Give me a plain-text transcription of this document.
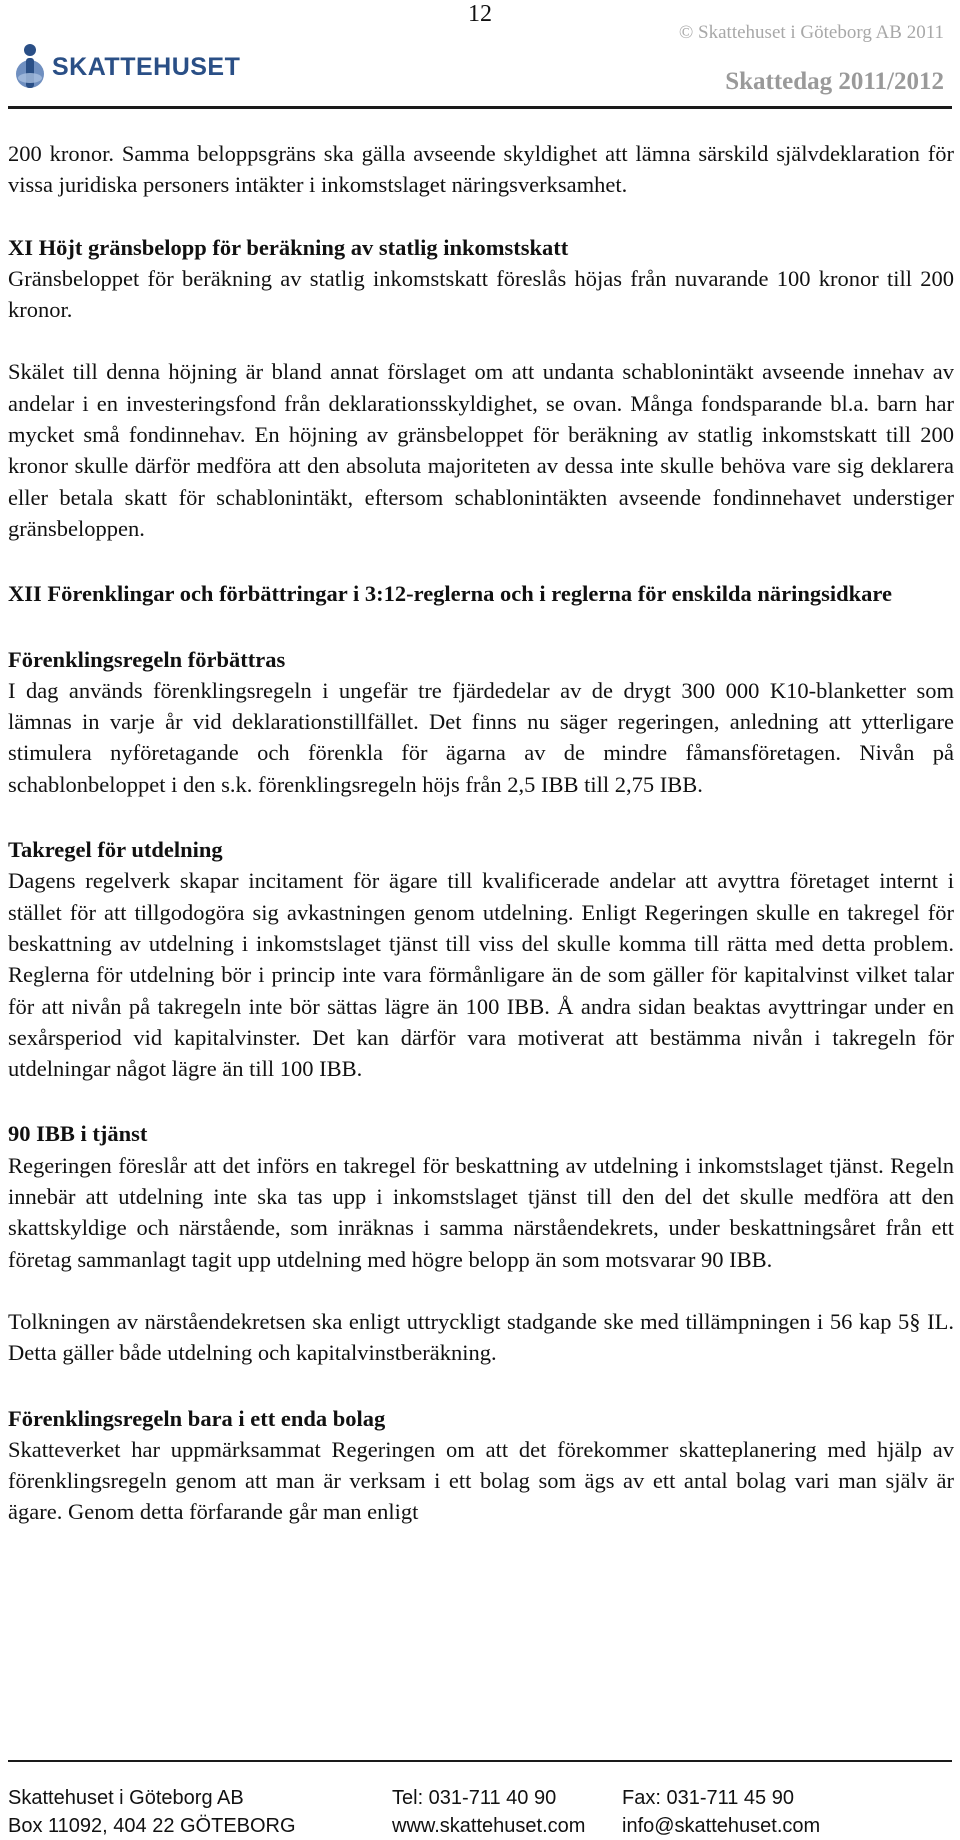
12
SKATTEHUSET
© Skattehuset i Göteborg AB 2011
Skattedag 2011/2012

200 kronor. Samma beloppsgräns ska gälla avseende skyldighet att lämna särskild självdeklaration för vissa juridiska personers intäkter i inkomstslaget näringsverksamhet.

XI Höjt gränsbelopp för beräkning av statlig inkomstskatt

Gränsbeloppet för beräkning av statlig inkomstskatt föreslås höjas från nuvarande 100 kronor till 200 kronor.

Skälet till denna höjning är bland annat förslaget om att undanta schablonintäkt avseende innehav av andelar i en investeringsfond från deklarationsskyldighet, se ovan. Många fondsparande bl.a. barn har mycket små fondinnehav. En höjning av gränsbeloppet för beräkning av statlig inkomstskatt till 200 kronor skulle därför medföra att den absoluta majoriteten av dessa inte skulle behöva vare sig deklarera eller betala skatt för schablonintäkt, eftersom schablonintäkten avseende fondinnehavet understiger gränsbeloppen.

XII Förenklingar och förbättringar i 3:12-reglerna och i reglerna för enskilda näringsidkare
Förenklingsregeln förbättras

I dag används förenklingsregeln i ungefär tre fjärdedelar av de drygt 300 000 K10-blanketter som lämnas in varje år vid deklarationstillfället. Det finns nu säger regeringen, anledning att ytterligare stimulera nyföretagande och förenkla för ägarna av de mindre fåmansföretagen. Nivån på schablonbeloppet i den s.k. förenklingsregeln höjs från 2,5 IBB till 2,75 IBB.

Takregel för utdelning

Dagens regelverk skapar incitament för ägare till kvalificerade andelar att avyttra företaget internt i stället för att tillgodogöra sig avkastningen genom utdelning. Enligt Regeringen skulle en takregel för beskattning av utdelning i inkomstslaget tjänst till viss del skulle komma till rätta med detta problem. Reglerna för utdelning bör i princip inte vara förmånligare än de som gäller för kapitalvinst vilket talar för att nivån på takregeln inte bör sättas lägre än 100 IBB. Å andra sidan beaktas avyttringar under en sexårsperiod vid kapitalvinster. Det kan därför vara motiverat att bestämma nivån i takregeln för utdelningar något lägre än till 100 IBB.

90 IBB i tjänst

Regeringen föreslår att det införs en takregel för beskattning av utdelning i inkomstslaget tjänst. Regeln innebär att utdelning inte ska tas upp i inkomstslaget tjänst till den del det skulle medföra att den skattskyldige och närstående, som inräknas i samma närståendekrets, under beskattningsåret från ett företag sammanlagt tagit upp utdelning med högre belopp än som motsvarar 90 IBB.

Tolkningen av närståendekretsen ska enligt uttryckligt stadgande ske med tillämpningen i 56 kap 5§ IL. Detta gäller både utdelning och kapitalvinstberäkning.

Förenklingsregeln bara i ett enda bolag

Skatteverket har uppmärksammat Regeringen om att det förekommer skatteplanering med hjälp av förenklingsregeln genom att man är verksam i ett bolag som ägs av ett antal bolag vari man själv är ägare. Genom detta förfarande går man enligt

Skattehuset i Göteborg AB	Tel: 031-711 40 90	Fax: 031-711 45 90
Box 11092, 404 22 GÖTEBORG	www.skattehuset.com info@skattehuset.com
